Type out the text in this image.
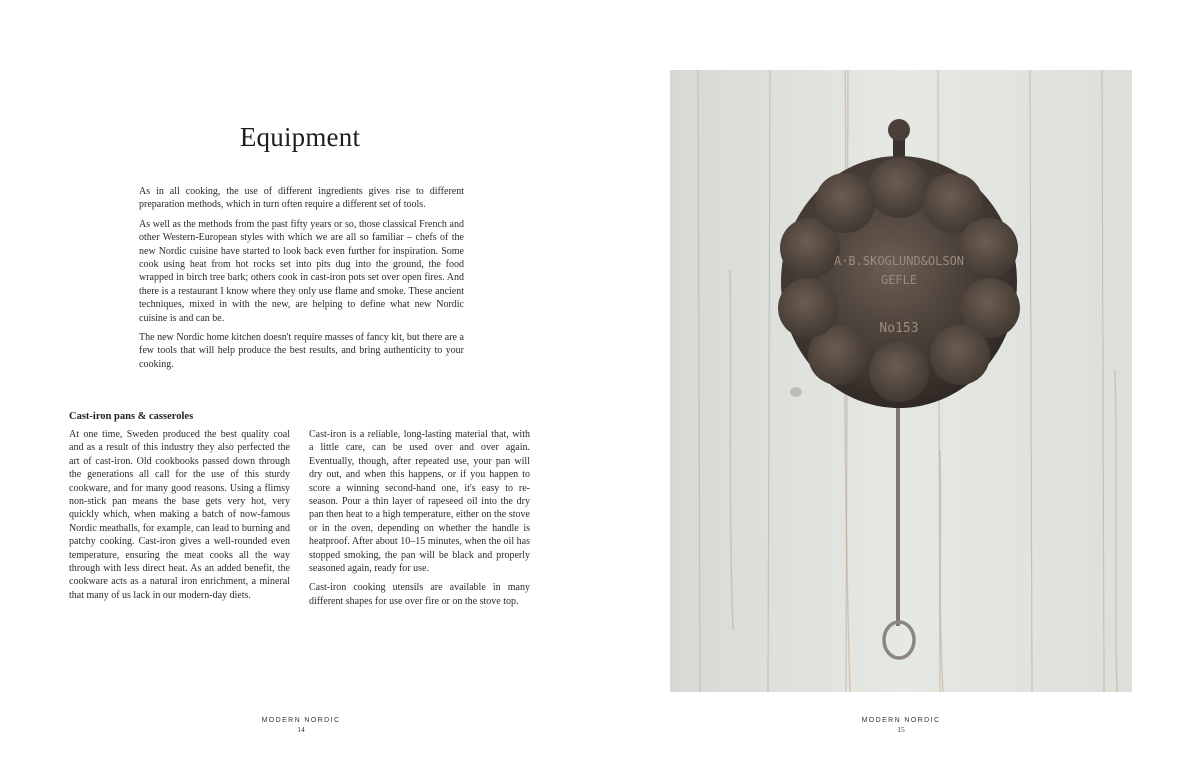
Equipment

As in all cooking, the use of different ingredients gives rise to different preparation methods, which in turn often require a different set of tools.

As well as the methods from the past fifty years or so, those classical French and other Western-European styles with which we are all so familiar – chefs of the new Nordic cuisine have started to look back even further for inspiration. Some cook using heat from hot rocks set into pits dug into the ground, the food wrapped in birch tree bark; others cook in cast-iron pots set over open fires. And there is a restaurant I know where they only use flame and smoke. These ancient techniques, mixed in with the new, are helping to define what new Nordic cuisine is and can be.

The new Nordic home kitchen doesn't require masses of fancy kit, but there are a few tools that will help produce the best results, and bring authenticity to your cooking.

Cast-iron pans & casseroles

At one time, Sweden produced the best quality coal and as a result of this industry they also perfected the art of cast-iron. Old cookbooks passed down through the generations all call for the use of this sturdy cookware, and for many good reasons. Using a flimsy non-stick pan means the base gets very hot, very quickly which, when making a batch of now-famous Nordic meatballs, for example, can lead to burning and patchy cooking. Cast-iron gives a well-rounded even temperature, ensuring the meat cooks all the way through with less direct heat. As an added benefit, the cookware acts as a natural iron enrichment, a mineral that many of us lack in our modern-day diets.

Cast-iron is a reliable, long-lasting material that, with a little care, can be used over and over again. Eventually, though, after repeated use, your pan will dry out, and when this happens, or if you happen to score a winning second-hand one, it's easy to re-season. Pour a thin layer of rapeseed oil into the dry pan then heat to a high temperature, either on the stove or in the oven, depending on whether the handle is heatproof. After about 10–15 minutes, when the oil has stopped smoking, the pan will be black and properly seasoned again, ready for use.

Cast-iron cooking utensils are available in many different shapes for use over fire or on the stove top.

MODERN NORDIC
14
MODERN NORDIC
15
A·B.SKOGLUND&OLSON
GEFLE
No153
